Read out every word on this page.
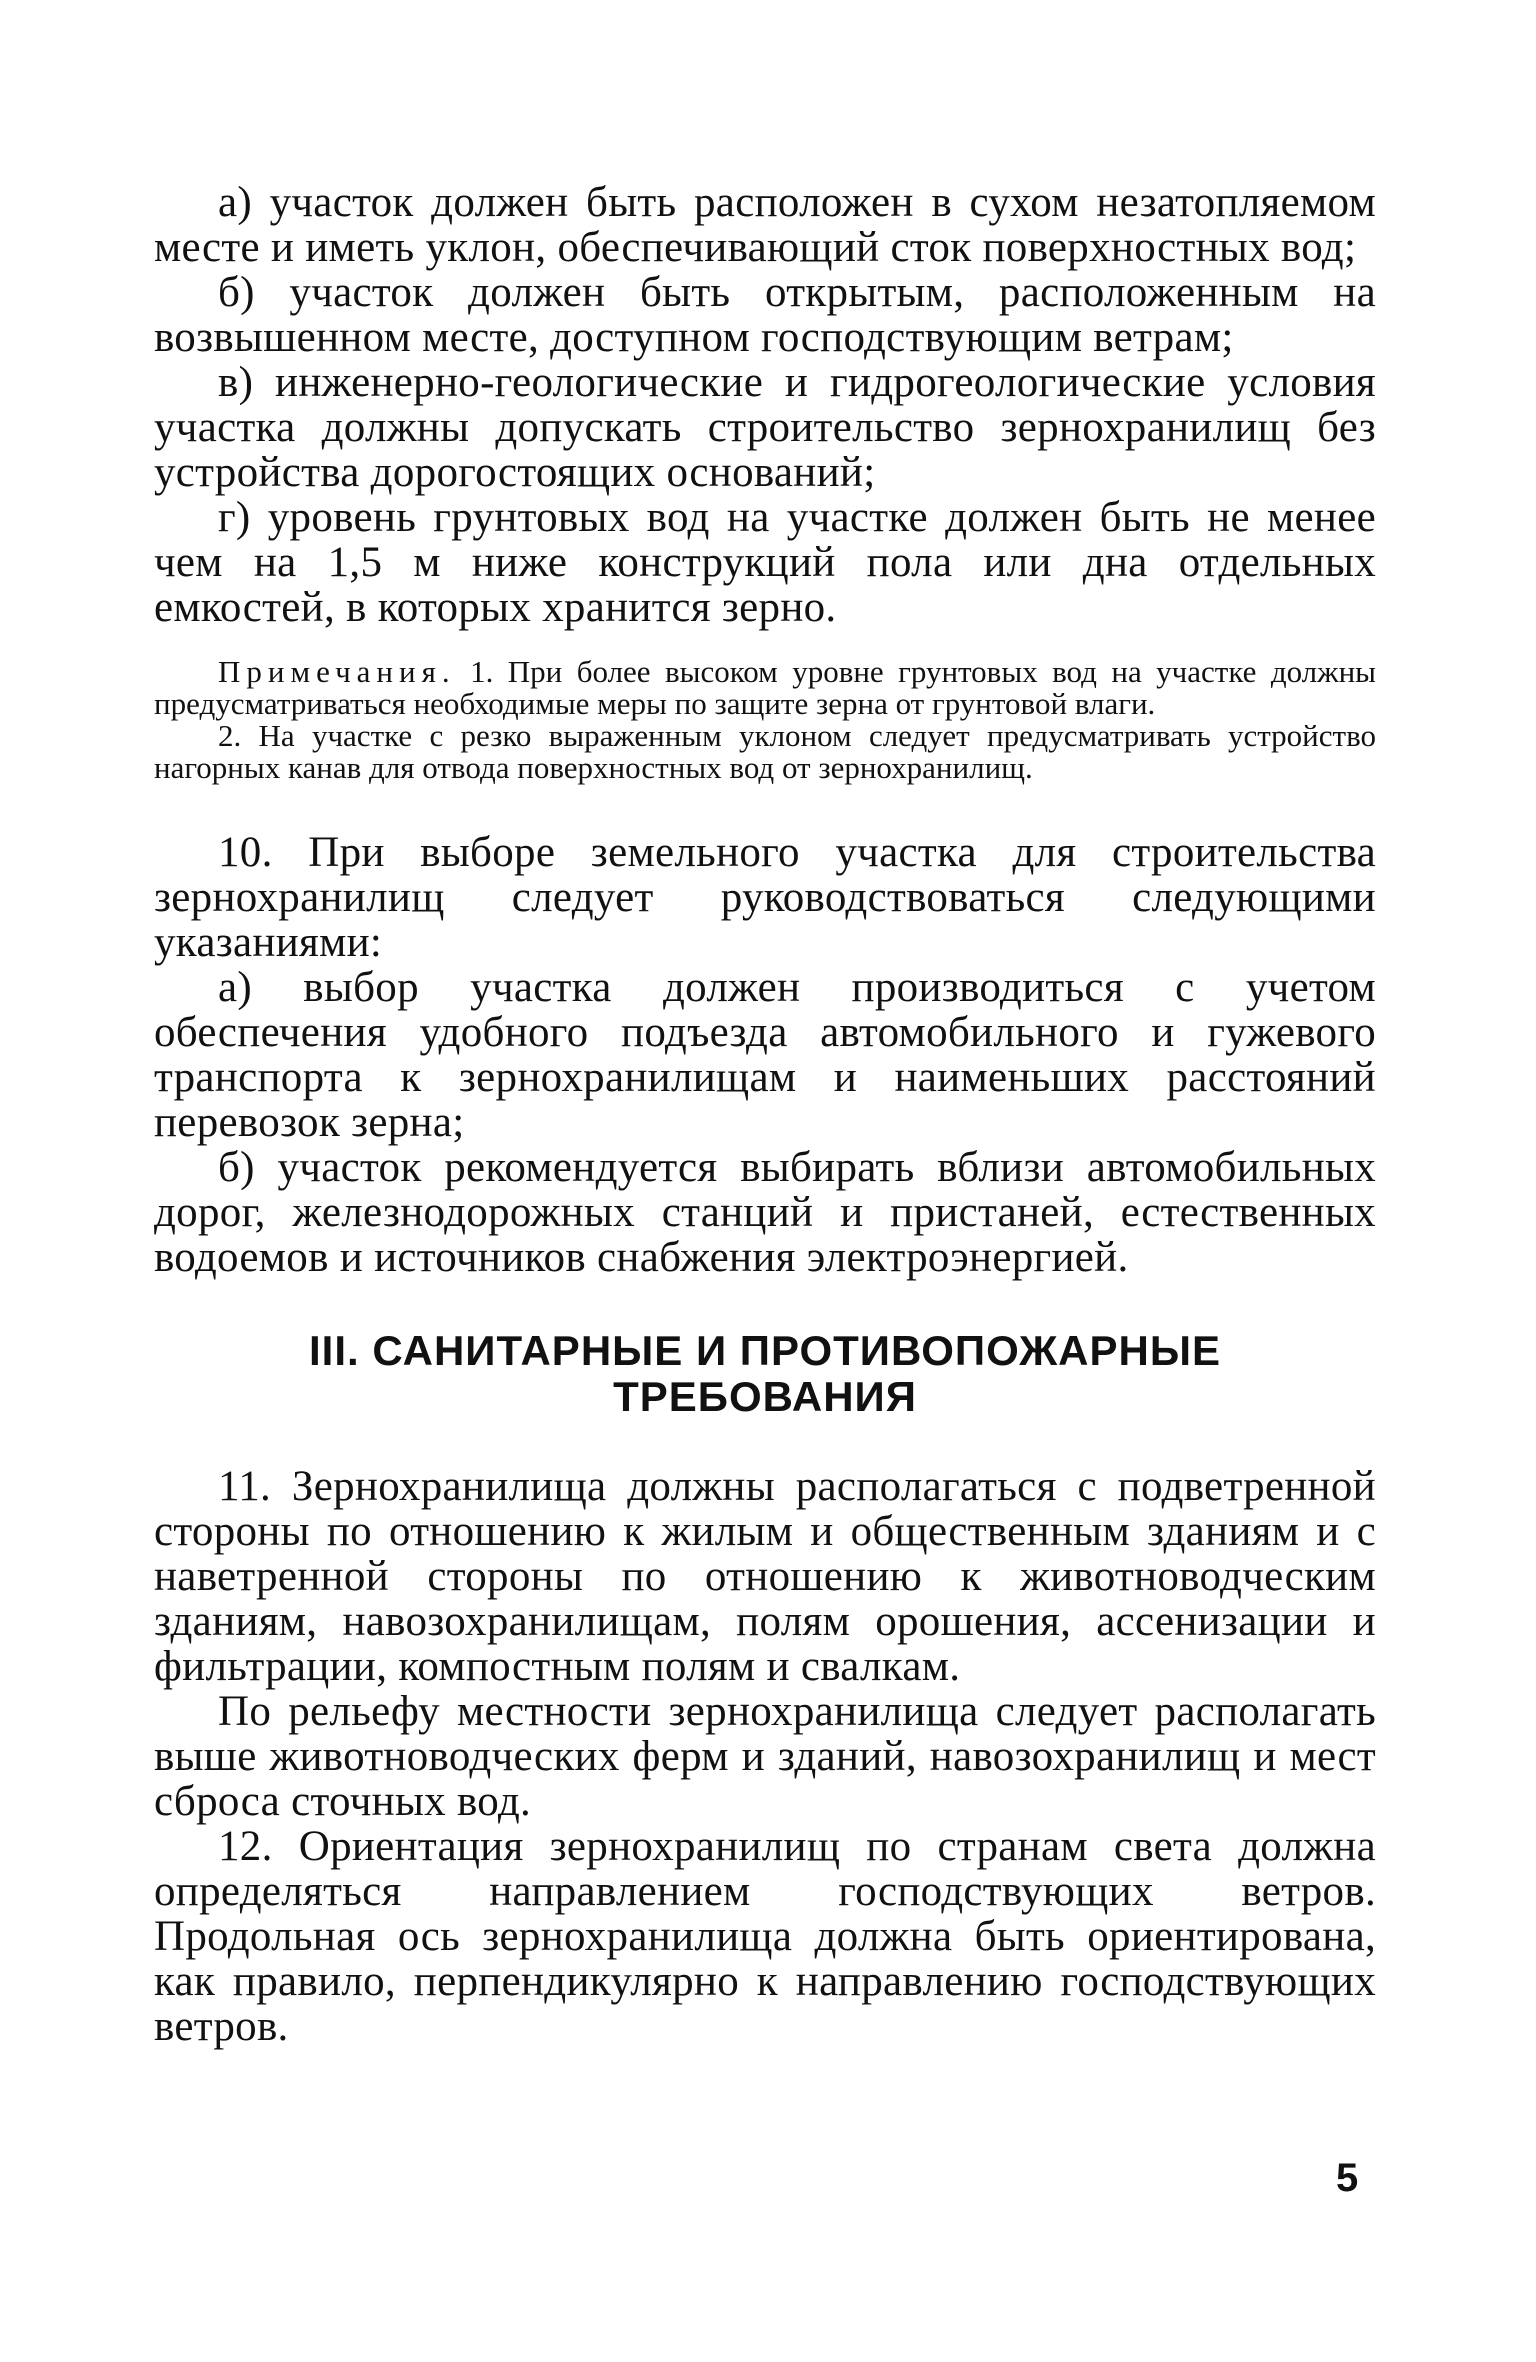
а) участок должен быть расположен в сухом незатопляемом месте и иметь уклон, обеспечивающий сток поверхностных вод;

б) участок должен быть открытым, расположенным на возвышенном месте, доступном господствующим ветрам;

в) инженерно-геологические и гидрогеологические условия участка должны допускать строительство зернохранилищ без устройства дорогостоящих оснований;

г) уровень грунтовых вод на участке должен быть не менее чем на 1,5 м ниже конструкций пола или дна отдельных емкостей, в которых хранится зерно.

Примечания. 1. При более высоком уровне грунтовых вод на участке должны предусматриваться необходимые меры по защите зерна от грунтовой влаги.

2. На участке с резко выраженным уклоном следует предусматривать устройство нагорных канав для отвода поверхностных вод от зернохранилищ.

10. При выборе земельного участка для строительства зернохранилищ следует руководствоваться следующими указаниями:

а) выбор участка должен производиться с учетом обеспечения удобного подъезда автомобильного и гужевого транспорта к зернохранилищам и наименьших расстояний перевозок зерна;

б) участок рекомендуется выбирать вблизи автомобильных дорог, железнодорожных станций и пристаней, естественных водоемов и источников снабжения электроэнергией.

III. САНИТАРНЫЕ И ПРОТИВОПОЖАРНЫЕ
ТРЕБОВАНИЯ

11. Зернохранилища должны располагаться с подветренной стороны по отношению к жилым и общественным зданиям и с наветренной стороны по отношению к животноводческим зданиям, навозохранилищам, полям орошения, ассенизации и фильтрации, компостным полям и свалкам.

По рельефу местности зернохранилища следует располагать выше животноводческих ферм и зданий, навозохранилищ и мест сброса сточных вод.

12. Ориентация зернохранилищ по странам света должна определяться направлением господствующих ветров. Продольная ось зернохранилища должна быть ориентирована, как правило, перпендикулярно к направлению господствующих ветров.

5
